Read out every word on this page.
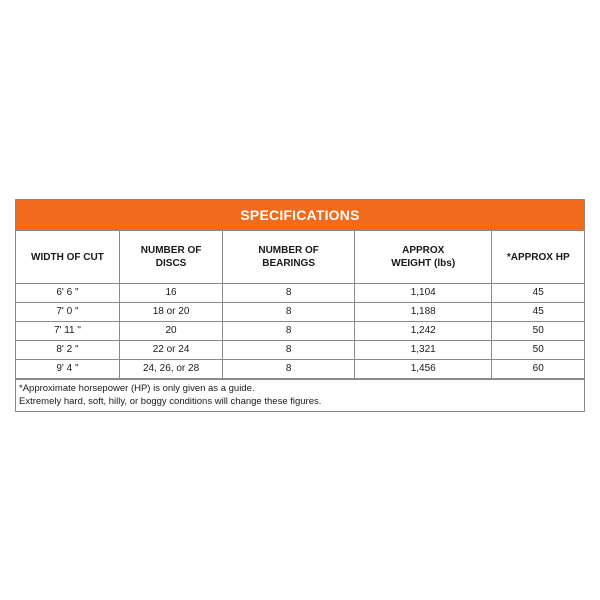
SPECIFICATIONS
WIDTH OF CUT	NUMBER OF DISCS	NUMBER OF BEARINGS	APPROX WEIGHT (lbs)	*APPROX HP
6' 6 "	16	8	1,104	45
7' 0 "	18 or 20	8	1,188	45
7' 11 "	20	8	1,242	50
8' 2 "	22 or 24	8	1,321	50
9' 4 "	24, 26, or 28	8	1,456	60
*Approximate horsepower (HP) is only given as a guide.
Extremely hard, soft, hilly, or boggy conditions will change these figures.
